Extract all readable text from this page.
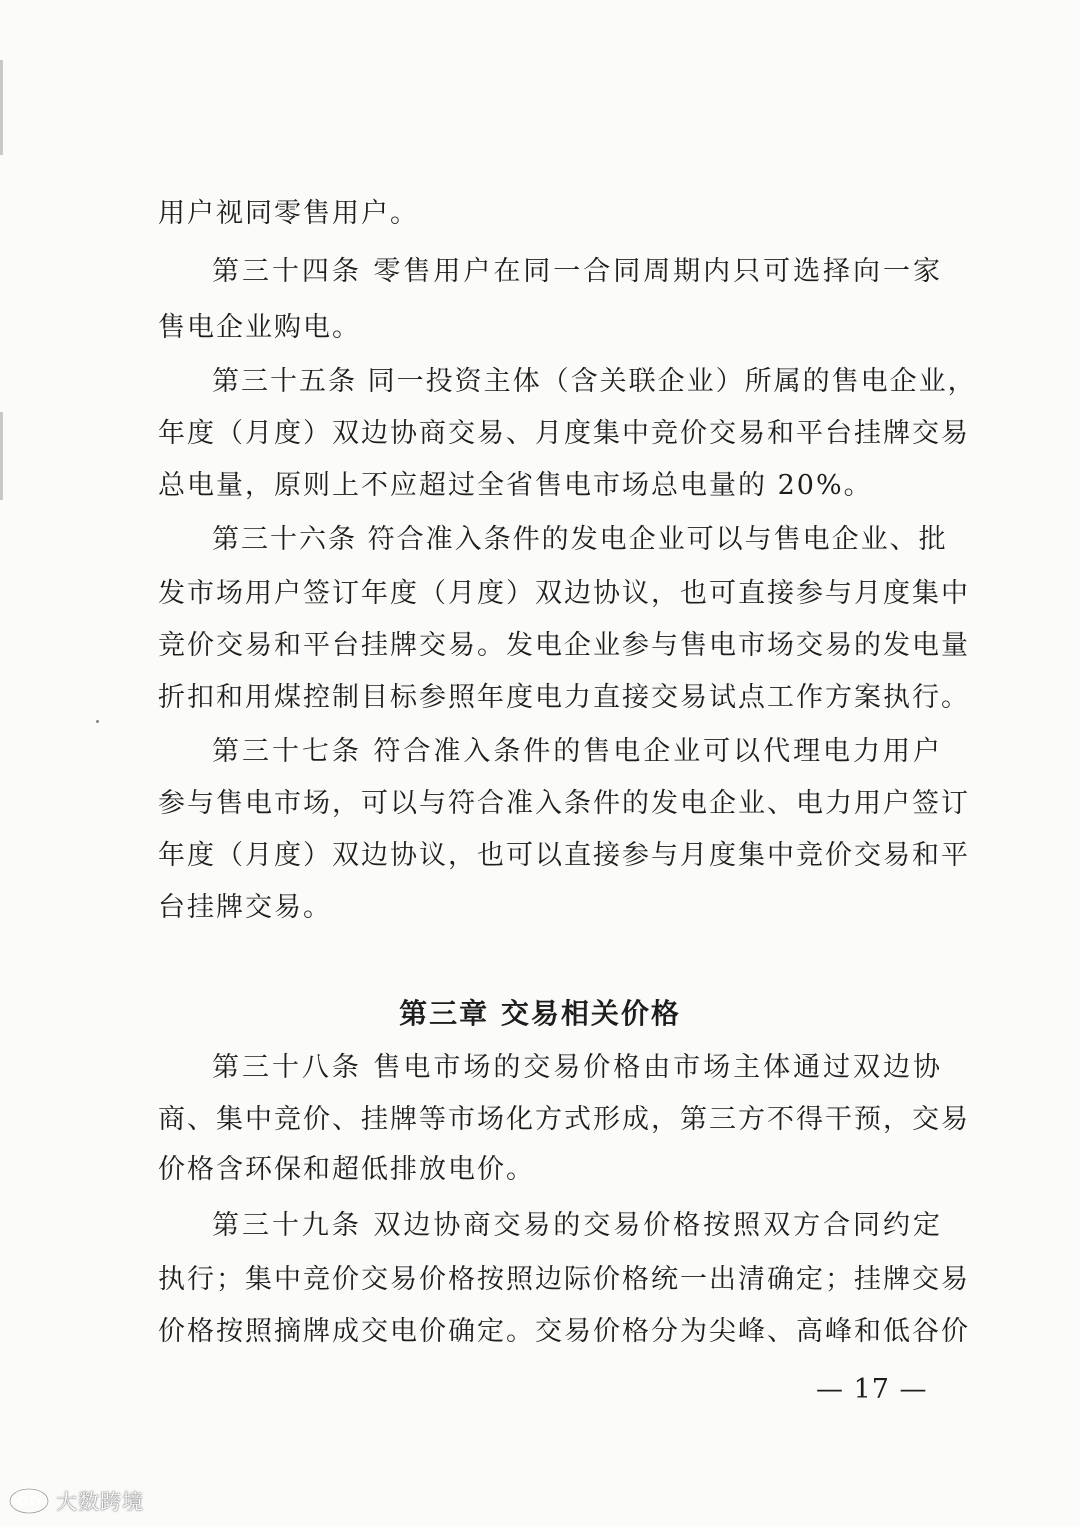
用户视同零售用户。
第三十四条 零售用户在同一合同周期内只可选择向一家
售电企业购电。
第三十五条 同一投资主体（含关联企业）所属的售电企业，
年度（月度）双边协商交易、月度集中竞价交易和平台挂牌交易
总电量，原则上不应超过全省售电市场总电量的 20%。
第三十六条 符合准入条件的发电企业可以与售电企业、批
发市场用户签订年度（月度）双边协议，也可直接参与月度集中
竞价交易和平台挂牌交易。发电企业参与售电市场交易的发电量
折扣和用煤控制目标参照年度电力直接交易试点工作方案执行。
第三十七条 符合准入条件的售电企业可以代理电力用户
参与售电市场，可以与符合准入条件的发电企业、电力用户签订
年度（月度）双边协议，也可以直接参与月度集中竞价交易和平
台挂牌交易。
第三十八条 售电市场的交易价格由市场主体通过双边协
商、集中竞价、挂牌等市场化方式形成，第三方不得干预，交易
价格含环保和超低排放电价。
第三十九条 双边协商交易的交易价格按照双方合同约定
执行；集中竞价交易价格按照边际价格统一出清确定；挂牌交易
价格按照摘牌成交电价确定。交易价格分为尖峰、高峰和低谷价
第三章 交易相关价格
— 17 —
大数跨境
